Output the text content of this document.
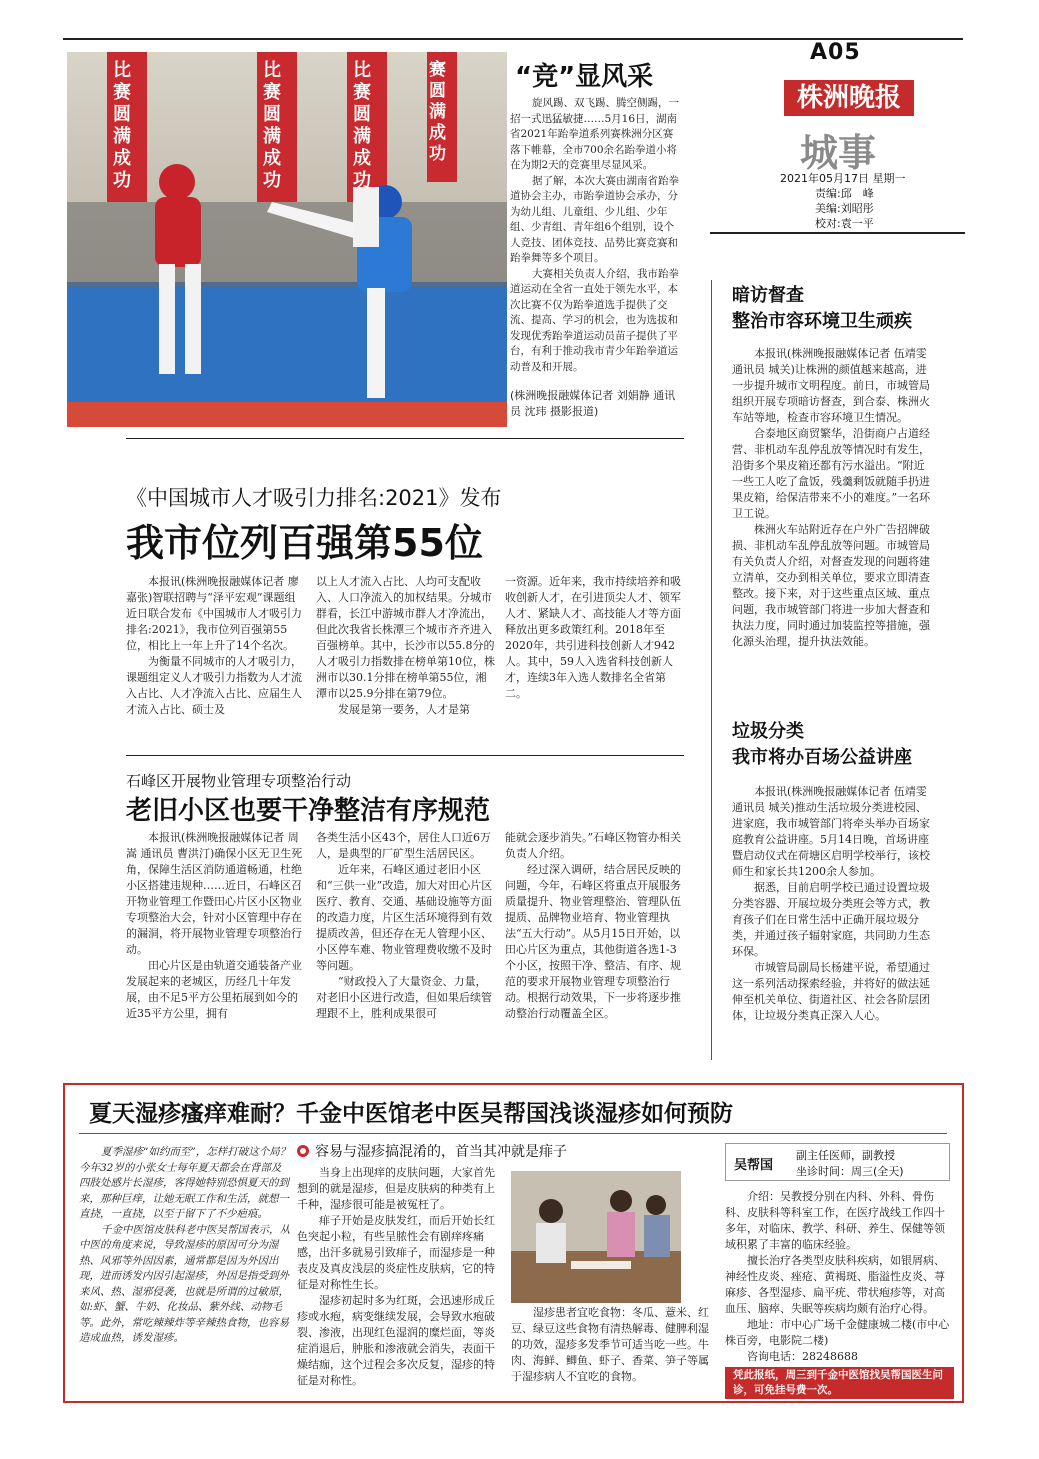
A05
株洲晚报
城事
2021年05月17日 星期一
责编:邱　峰
美编:刘昭彤
校对:袁一平
比赛圆满成功
比赛圆满成功
比赛圆满成功
赛圆满成功
“竞”显风采

旋风踢、双飞踢、腾空侧踢，一招一式迅猛敏捷……5月16日，湖南省2021年跆拳道系列赛株洲分区赛落下帷幕，全市700余名跆拳道小将在为期2天的竞赛里尽显风采。

据了解，本次大赛由湖南省跆拳道协会主办，市跆拳道协会承办，分为幼儿组、儿童组、少儿组、少年组、少青组、青年组6个组别，设个人竞技、团体竞技、品势比赛竞赛和跆拳舞等多个项目。

大赛相关负责人介绍，我市跆拳道运动在全省一直处于领先水平，本次比赛不仅为跆拳道选手提供了交流、提高、学习的机会，也为选拔和发现优秀跆拳道运动员苗子提供了平台，有利于推动我市青少年跆拳道运动普及和开展。

(株洲晚报融媒体记者 刘娟静 通讯员 沈玮 摄影报道)
《中国城市人才吸引力排名:2021》发布
我市位列百强第55位

本报讯(株洲晚报融媒体记者 廖嘉张)智联招聘与“泽平宏观”课题组近日联合发布《中国城市人才吸引力排名:2021》，我市位列百强第55位，相比上一年上升了14个名次。

为衡量不同城市的人才吸引力，课题组定义人才吸引力指数为人才流入占比、人才净流入占比、应届生人才流入占比、硕士及

以上人才流入占比、人均可支配收入、人口净流入的加权结果。分城市群看，长江中游城市群人才净流出，但此次我省长株潭三个城市齐齐进入百强榜单。其中，长沙市以55.8分的人才吸引力指数排在榜单第10位，株洲市以30.1分排在榜单第55位，湘潭市以25.9分排在第79位。

发展是第一要务，人才是第

一资源。近年来，我市持续培养和吸收创新人才，在引进顶尖人才、领军人才、紧缺人才、高技能人才等方面释放出更多政策红利。2018年至2020年，共引进科技创新人才942人。其中，59人入选省科技创新人才，连续3年入选人数排名全省第二。

石峰区开展物业管理专项整治行动
老旧小区也要干净整洁有序规范

本报讯(株洲晚报融媒体记者 周嵩 通讯员 曹洪汀)确保小区无卫生死角，保障生活区消防通道畅通，杜绝小区搭建违规种……近日，石峰区召开物业管理工作暨田心片区小区物业专项整治大会，针对小区管理中存在的漏洞，将开展物业管理专项整治行动。

田心片区是由轨道交通装备产业发展起来的老城区，历经几十年发展，由不足5平方公里拓展到如今的近35平方公里，拥有

各类生活小区43个，居住人口近6万人，是典型的厂矿型生活居民区。

近年来，石峰区通过老旧小区和“三供一业”改造，加大对田心片区医疗、教育、交通、基础设施等方面的改造力度，片区生活环境得到有效提质改善，但还存在无人管理小区、小区停车难、物业管理费收缴不及时等问题。

“财政投入了大量资金、力量，对老旧小区进行改造，但如果后续管理跟不上，胜利成果很可

能就会逐步消失。”石峰区物管办相关负责人介绍。

经过深入调研，结合居民反映的问题，今年，石峰区将重点开展服务质量提升、物业管理整治、管理队伍提质、品牌物业培育、物业管理执法“五大行动”。从5月15日开始，以田心片区为重点，其他街道各选1-3个小区，按照干净、整洁、有序、规范的要求开展物业管理专项整治行动。根据行动效果，下一步将逐步推动整治行动覆盖全区。

暗访督查
整治市容环境卫生顽疾

本报讯(株洲晚报融媒体记者 伍靖雯 通讯员 城关)让株洲的颜值越来越高，进一步提升城市文明程度。前日，市城管局组织开展专项暗访督查，到合泰、株洲火车站等地，检查市容环境卫生情况。

合泰地区商贸繁华，沿街商户占道经营、非机动车乱停乱放等情况时有发生，沿街多个果皮箱还都有污水溢出。“附近一些工人吃了盒饭，残羹剩饭就随手扔进果皮箱，给保洁带来不小的难度。”一名环卫工说。

株洲火车站附近存在户外广告招牌破损、非机动车乱停乱放等问题。市城管局有关负责人介绍，对督查发现的问题将建立清单，交办到相关单位，要求立即清查整改。接下来，对于这些重点区域、重点问题，我市城管部门将进一步加大督查和执法力度，同时通过加装监控等措施，强化源头治理，提升执法效能。

垃圾分类
我市将办百场公益讲座

本报讯(株洲晚报融媒体记者 伍靖雯 通讯员 城关)推动生活垃圾分类进校园、进家庭，我市城管部门将牵头举办百场家庭教育公益讲座。5月14日晚，首场讲座暨启动仪式在荷塘区启明学校举行，该校师生和家长共1200余人参加。

据悉，目前启明学校已通过设置垃圾分类容器、开展垃圾分类班会等方式，教育孩子们在日常生活中正确开展垃圾分类，并通过孩子辐射家庭，共同助力生态环保。

市城管局副局长杨建平说，希望通过这一系列活动探索经验，并将好的做法延伸至机关单位、街道社区、社会各阶层团体，让垃圾分类真正深入人心。

夏天湿疹瘙痒难耐？千金中医馆老中医吴帮国浅谈湿疹如何预防

夏季湿疹“如约而至”，怎样打破这个局？今年32岁的小张女士每年夏天都会在背部及四肢处感片长湿疹，客得她特别恐惧夏天的到来，那种巨痒，让她无眠工作和生活，就想一直挠，一直挠，以至于留下了不少疤痕。

千金中医馆皮肤科老中医吴帮国表示，从中医的角度来说，导致湿疹的原因可分为湿热、风邪等外因因素，通常都是因为外因出现，进而诱发内因引起湿疹，外因是指受到外来风、热、湿邪侵袭，也就是所谓的过敏原，如:虾、蟹、牛奶、化妆品、紫外线、动物毛等。此外，常吃辣辣炸等辛辣热食物，也容易造成血热，诱发湿疹。

容易与湿疹搞混淆的，首当其冲就是痱子

当身上出现痒的皮肤问题，大家首先想到的就是湿疹，但是皮肤病的种类有上千种，湿疹很可能是被冤枉了。

痱子开始是皮肤发红，而后开始长红色突起小粒，有些呈脓性会有剧痒疼痛感，出汗多就易引致痱子，而湿疹是一种表皮及真皮浅层的炎症性皮肤病，它的特征是对称性生长。

湿疹初起时多为红斑，会迅速形成丘疹或水疱，病变继续发展，会导致水疱破裂、渗液，出现红色湿润的糜烂面，等炎症消退后，肿胀和渗液就会消失，表面干燥结痂，这个过程会多次反复，湿疹的特征是对称性。

湿疹患者宜吃食物：冬瓜、薏米、红豆、绿豆这些食物有清热解毒、健脾利湿的功效，湿疹多发季节可适当吃一些。牛肉、海鲜、鲫鱼、虾子、香菜、笋子等属于湿疹病人不宜吃的食物。
吴帮国
副主任医师，副教授
坐诊时间：周三(全天)

介绍：吴教授分别在内科、外科、骨伤科、皮肤科等科室工作，在医疗战线工作四十多年，对临床、教学、科研、养生、保健等领域积累了丰富的临床经验。

擅长治疗各类型皮肤科疾病，如银屑病、神经性皮炎、痤疮、黄褐斑、脂溢性皮炎、荨麻疹、各型湿疹、扁平疣、带状疱疹等，对高血压、脑瘁、失眠等疾病均颇有治疗心得。

地址：市中心广场千金健康城二楼(市中心株百旁，电影院二楼)

咨询电话：28248688

凭此报纸，周三到千金中医馆找吴帮国医生问诊，可免挂号费一次。
